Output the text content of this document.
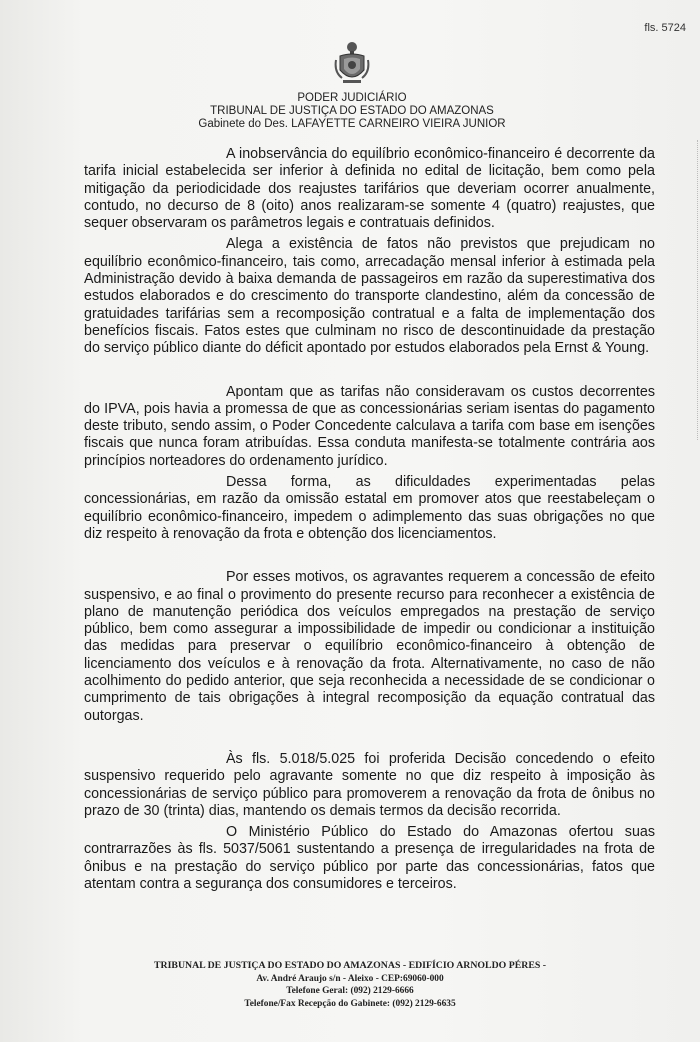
fls. 5724
PODER JUDICIÁRIO
TRIBUNAL DE JUSTIÇA DO ESTADO DO AMAZONAS
Gabinete do Des. LAFAYETTE CARNEIRO VIEIRA JUNIOR

A inobservância do equilíbrio econômico-financeiro é decorrente da tarifa inicial estabelecida ser inferior à definida no edital de licitação, bem como pela mitigação da periodicidade dos reajustes tarifários que deveriam ocorrer anualmente, contudo, no decurso de 8 (oito) anos realizaram-se somente 4 (quatro) reajustes, que sequer observaram os parâmetros legais e contratuais definidos.

Alega a existência de fatos não previstos que prejudicam no equilíbrio econômico-financeiro, tais como, arrecadação mensal inferior à estimada pela Administração devido à baixa demanda de passageiros em razão da superestimativa dos estudos elaborados e do crescimento do transporte clandestino, além da concessão de gratuidades tarifárias sem a recomposição contratual e a falta de implementação dos benefícios fiscais. Fatos estes que culminam no risco de descontinuidade da prestação do serviço público diante do déficit apontado por estudos elaborados pela Ernst & Young.

Apontam que as tarifas não consideravam os custos decorrentes do IPVA, pois havia a promessa de que as concessionárias seriam isentas do pagamento deste tributo, sendo assim, o Poder Concedente calculava a tarifa com base em isenções fiscais que nunca foram atribuídas. Essa conduta manifesta-se totalmente contrária aos princípios norteadores do ordenamento jurídico.

Dessa forma, as dificuldades experimentadas pelas concessionárias, em razão da omissão estatal em promover atos que reestabeleçam o equilíbrio econômico-financeiro, impedem o adimplemento das suas obrigações no que diz respeito à renovação da frota e obtenção dos licenciamentos.

Por esses motivos, os agravantes requerem a concessão de efeito suspensivo, e ao final o provimento do presente recurso para reconhecer a existência de plano de manutenção periódica dos veículos empregados na prestação de serviço público, bem como assegurar a impossibilidade de impedir ou condicionar a instituição das medidas para preservar o equilíbrio econômico-financeiro à obtenção de licenciamento dos veículos e à renovação da frota. Alternativamente, no caso de não acolhimento do pedido anterior, que seja reconhecida a necessidade de se condicionar o cumprimento de tais obrigações à integral recomposição da equação contratual das outorgas.

Às fls. 5.018/5.025 foi proferida Decisão concedendo o efeito suspensivo requerido pelo agravante somente no que diz respeito à imposição às concessionárias de serviço público para promoverem a renovação da frota de ônibus no prazo de 30 (trinta) dias, mantendo os demais termos da decisão recorrida.

O Ministério Público do Estado do Amazonas ofertou suas contrarrazões às fls. 5037/5061 sustentando a presença de irregularidades na frota de ônibus e na prestação do serviço público por parte das concessionárias, fatos que atentam contra a segurança dos consumidores e terceiros.

TRIBUNAL DE JUSTIÇA DO ESTADO DO AMAZONAS - EDIFÍCIO ARNOLDO PÉRES -
Av. André Araujo s/n - Aleixo - CEP:69060-000
Telefone Geral: (092) 2129-6666
Telefone/Fax Recepção do Gabinete: (092) 2129-6635
